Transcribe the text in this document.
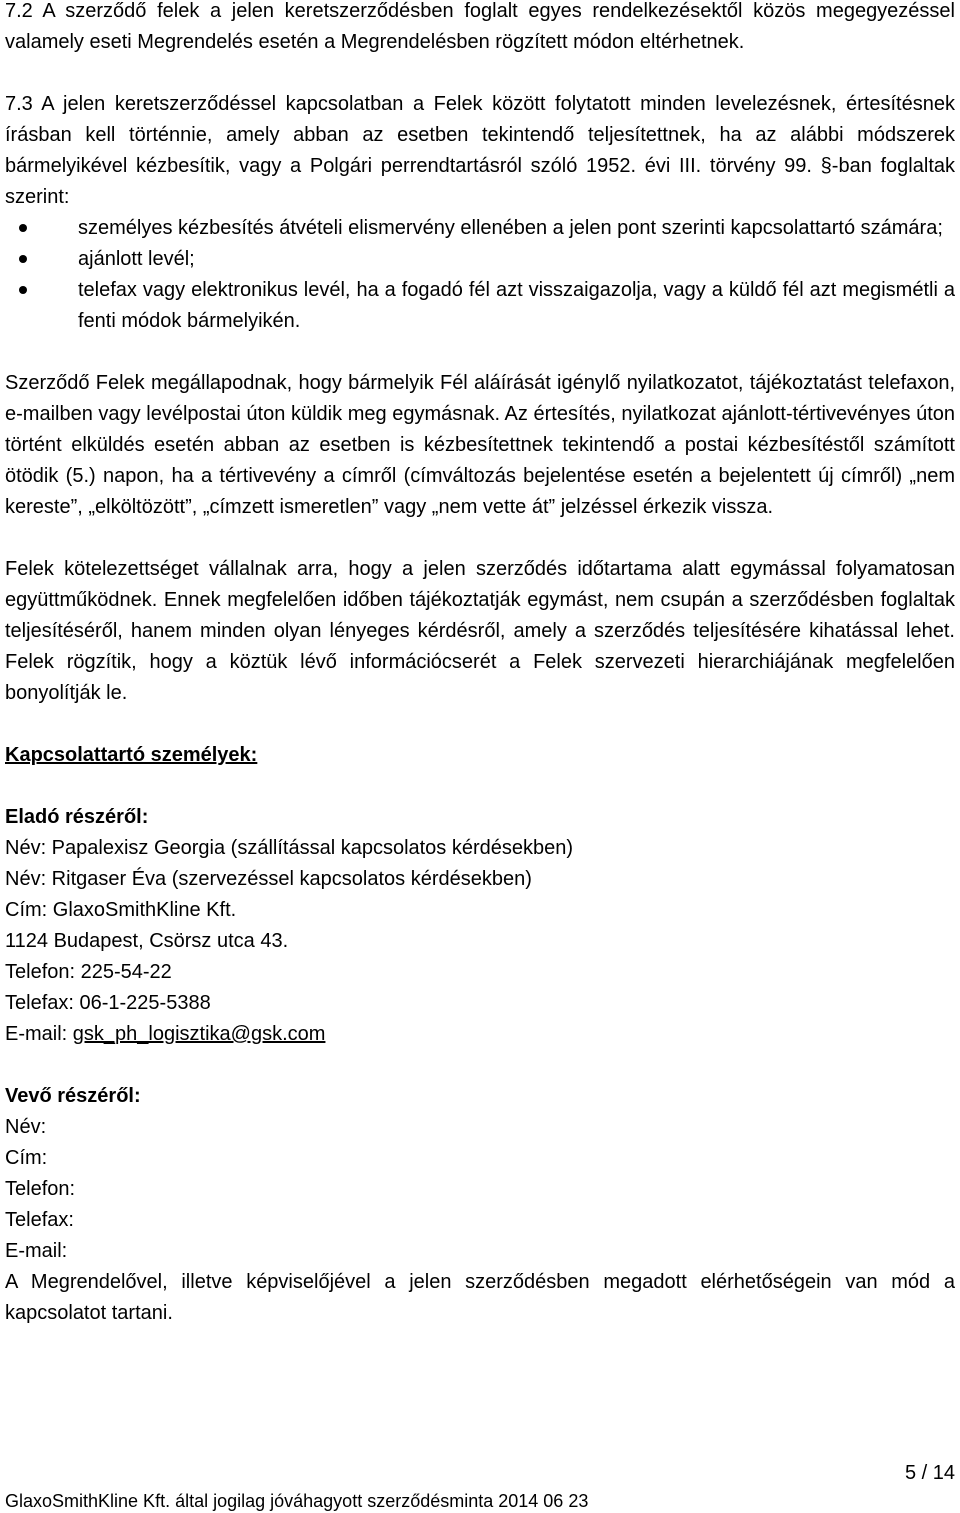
7.2 A szerződő felek a jelen keretszerződésben foglalt egyes rendelkezésektől közös megegyezéssel valamely eseti Megrendelés esetén a Megrendelésben rögzített módon eltérhetnek.

7.3 A jelen keretszerződéssel kapcsolatban a Felek között folytatott minden levelezésnek, értesítésnek írásban kell történnie, amely abban az esetben tekintendő teljesítettnek, ha az alábbi módszerek bármelyikével kézbesítik, vagy a Polgári perrendtartásról szóló 1952. évi III. törvény 99. §-ban foglaltak szerint:

személyes kézbesítés átvételi elismervény ellenében a jelen pont szerinti kapcsolattartó számára;
ajánlott levél;
telefax vagy elektronikus levél, ha a fogadó fél azt visszaigazolja, vagy a küldő fél azt megismétli a fenti módok bármelyikén.

Szerződő Felek megállapodnak, hogy bármelyik Fél aláírását igénylő nyilatkozatot, tájékoztatást telefaxon, e-mailben vagy levélpostai úton küldik meg egymásnak. Az értesítés, nyilatkozat ajánlott-tértivevényes úton történt elküldés esetén abban az esetben is kézbesítettnek tekintendő a postai kézbesítéstől számított ötödik (5.) napon, ha a tértivevény a címről (címváltozás bejelentése esetén a bejelentett új címről) „nem kereste”, „elköltözött”, „címzett ismeretlen” vagy „nem vette át” jelzéssel érkezik vissza.

Felek kötelezettséget vállalnak arra, hogy a jelen szerződés időtartama alatt egymással folyamatosan együttműködnek. Ennek megfelelően időben tájékoztatják egymást, nem csupán a szerződésben foglaltak teljesítéséről, hanem minden olyan lényeges kérdésről, amely a szerződés teljesítésére kihatással lehet. Felek rögzítik, hogy a köztük lévő információcserét a Felek szervezeti hierarchiájának megfelelően bonyolítják le.

Kapcsolattartó személyek:

Eladó részéről:

Név: Papalexisz Georgia (szállítással kapcsolatos kérdésekben)

Név: Ritgaser Éva (szervezéssel kapcsolatos kérdésekben)

Cím: GlaxoSmithKline Kft.

1124 Budapest, Csörsz utca 43.

Telefon: 225-54-22

Telefax: 06-1-225-5388

E-mail: gsk_ph_logisztika@gsk.com

Vevő részéről:

Név:

Cím:

Telefon:

Telefax:

E-mail:

A Megrendelővel, illetve képviselőjével a jelen szerződésben megadott elérhetőségein van mód a kapcsolatot tartani.

5 / 14
GlaxoSmithKline Kft. által jogilag jóváhagyott szerződésminta 2014 06 23
